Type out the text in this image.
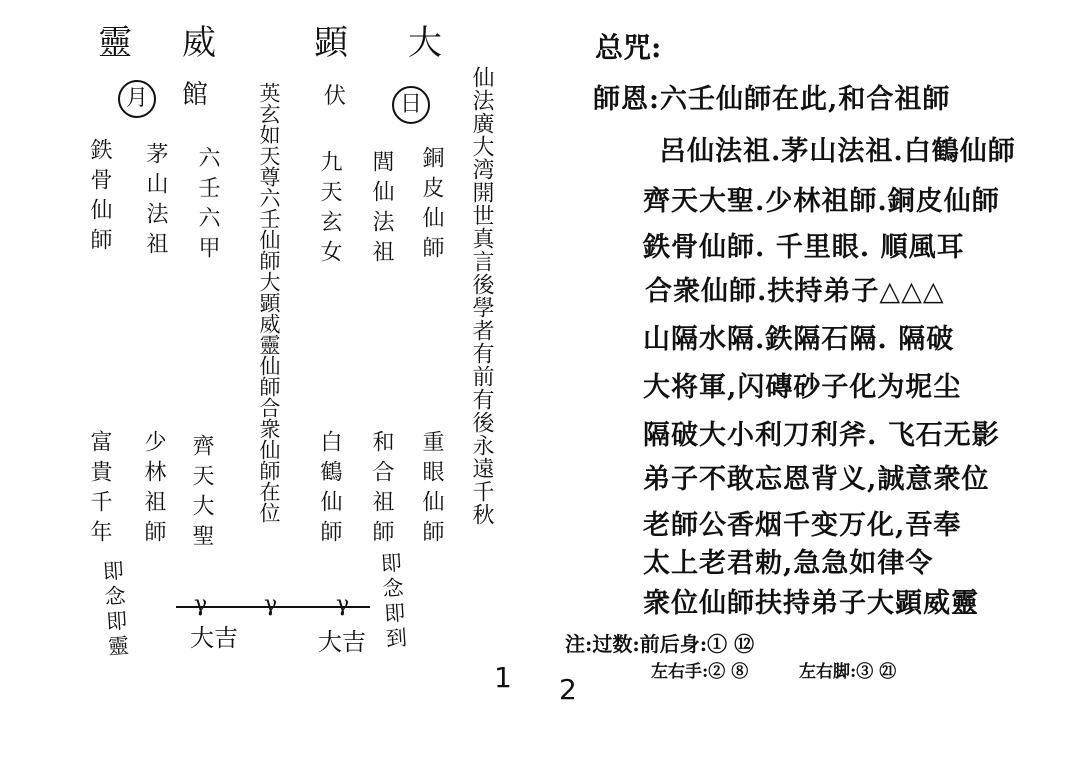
靈 威	顕 大
月	館	伏	日	仙法廣大湾開世真言後學者有前有後永遠千秋
英玄如天尊六壬仙師大顕威靈仙師合衆仙師在位	銅皮仙師
閭仙法祖
九天玄女
六壬六甲
茅山法祖
鉄骨仙師
重眼仙師
和合祖師
白鶴仙師
齊天大聖
少林祖師
富貴千年
即念即到
即念即靈	γ	γ	γ
大吉	大吉
1
总咒:
師恩:六壬仙師在此,和合祖師
呂仙法祖.茅山法祖.白鶴仙師
齊天大聖.少林祖師.銅皮仙師
鉄骨仙師. 千里眼. 順風耳
合衆仙師.扶持弟子△△△
山隔水隔.鉄隔石隔. 隔破
大将軍,闪磚砂子化为坭尘
隔破大小利刀利斧. 飞石无影
弟子不敢忘恩背义,誠意衆位
老師公香烟千变万化,吾奉
太上老君勅,急急如律令
衆位仙師扶持弟子大顕威靈
注:过数:前后身:① ⑫
左右手:② ⑧	左右脚:③ ㉑
2
